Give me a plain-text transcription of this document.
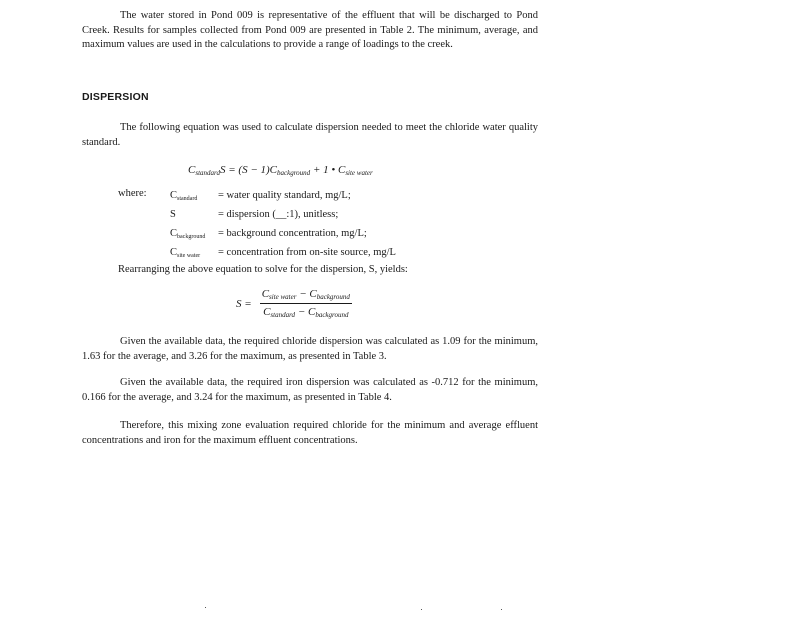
The water stored in Pond 009 is representative of the effluent that will be discharged to Pond Creek. Results for samples collected from Pond 009 are presented in Table 2. The minimum, average, and maximum values are used in the calculations to provide a range of loadings to the creek.

DISPERSION

The following equation was used to calculate dispersion needed to meet the chloride water quality standard.

$C_{standard}S = (S - 1)C_{background} + 1$ • $C_{site water}$

where: $C_{standard}$ = water quality standard, mg/L;
S	= dispersion (__:1), unitless;
$C_{background}$ = background concentration, mg/L;
$C_{site water}$ = concentration from on-site source, mg/L

Rearranging the above equation to solve for the dispersion, S, yields:

$S = \frac{C_{site water} - C_{background}}{C_{standard} - C_{background}}$

Given the available data, the required chloride dispersion was calculated as 1.09 for the minimum, 1.63 for the average, and 3.26 for the maximum, as presented in Table 3.

Given the available data, the required iron dispersion was calculated as -0.712 for the minimum, 0.166 for the average, and 3.24 for the maximum, as presented in Table 4.

Therefore, this mixing zone evaluation required chloride for the minimum and average effluent concentrations and iron for the maximum effluent concentrations.
